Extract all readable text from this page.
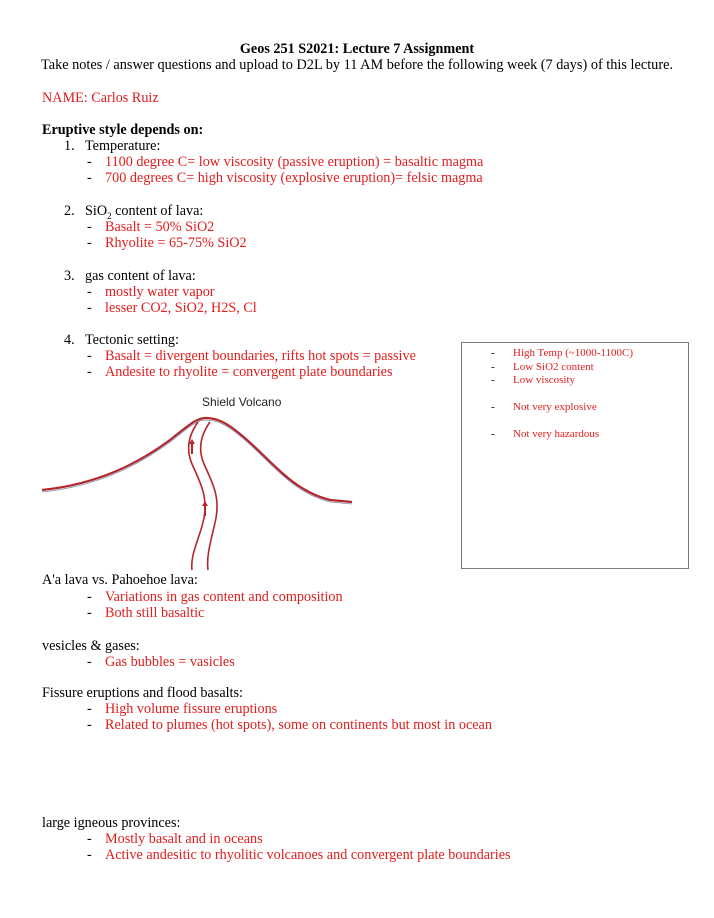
Geos 251 S2021: Lecture 7 Assignment
Take notes / answer questions and upload to D2L by 11 AM before the following week (7 days) of this lecture.
NAME: Carlos Ruiz
Eruptive style depends on:
1. Temperature:
- 1100 degree C= low viscosity (passive eruption) = basaltic magma
- 700 degrees C= high viscosity (explosive eruption)= felsic magma
2. SiO$_2$ content of lava:
- Basalt = 50% SiO2
- Rhyolite = 65-75% SiO2
3. gas content of lava:
- mostly water vapor
- lesser CO2, SiO2, H2S, Cl
4. Tectonic setting:
- Basalt = divergent boundaries, rifts hot spots = passive
- Andesite to rhyolite = convergent plate boundaries
Shield Volcano
- High Temp (~1000-1100C)
- Low SiO2 content
- Low viscosity
- Not very explosive
- Not very hazardous
A'a lava vs. Pahoehoe lava:
- Variations in gas content and composition
- Both still basaltic
vesicles & gases:
- Gas bubbles = vasicles
Fissure eruptions and flood basalts:
- High volume fissure eruptions
- Related to plumes (hot spots), some on continents but most in ocean
large igneous provinces:
- Mostly basalt and in oceans
- Active andesitic to rhyolitic volcanoes and convergent plate boundaries
